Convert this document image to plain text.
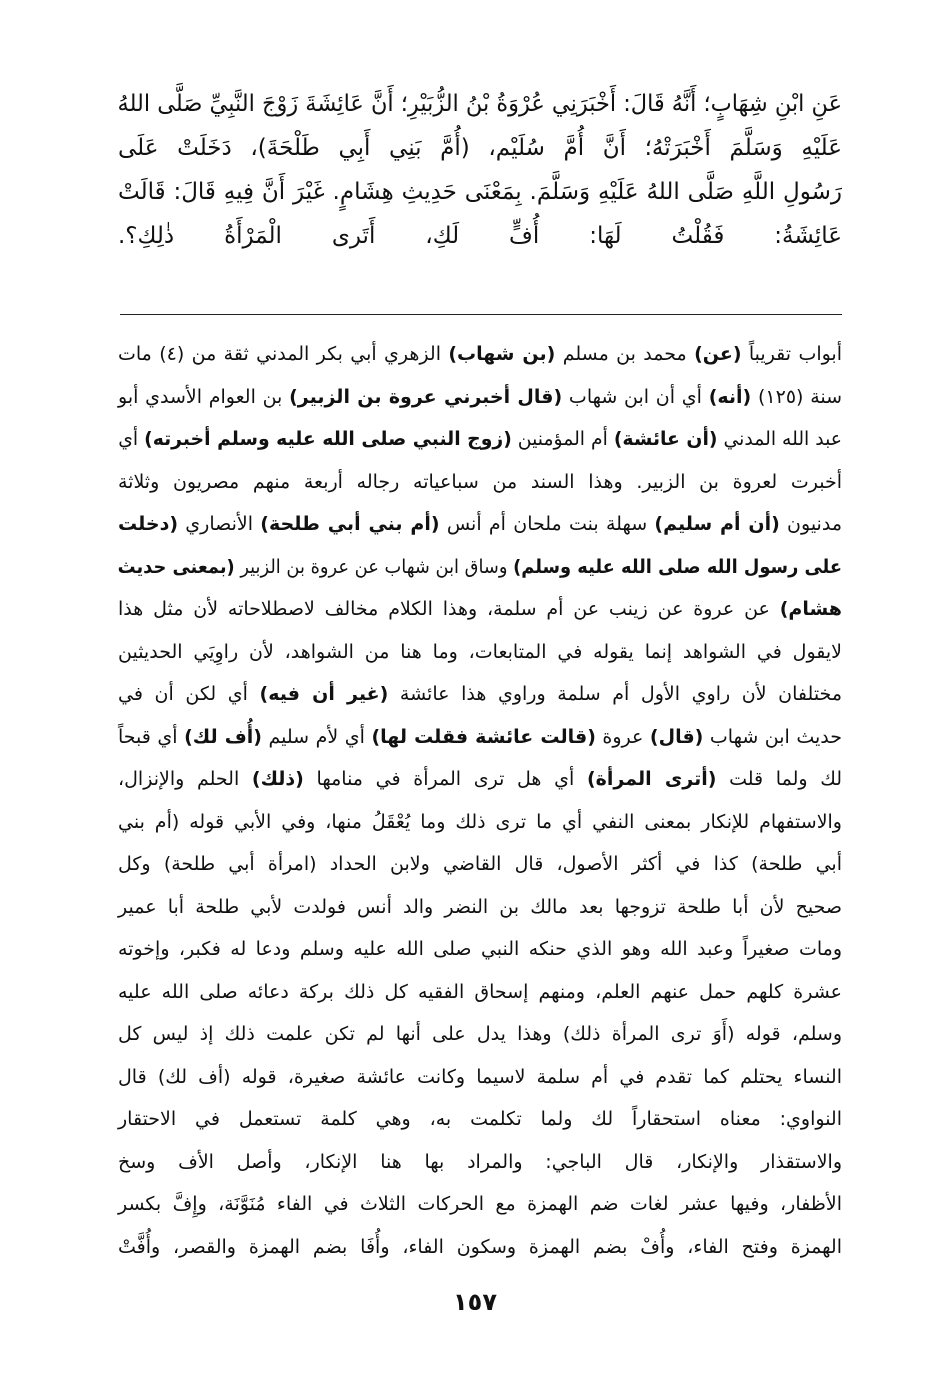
عَنِ ابْنِ شِهَابٍ؛ أَنَّهُ قَالَ: أَخْبَرَنِي عُرْوَةُ بْنُ الزُّبَيْرِ؛ أَنَّ عَائِشَةَ زَوْجَ النَّبِيِّ صَلَّى اللهُ
عَلَيْهِ وَسَلَّمَ أَخْبَرَتْهُ؛ أَنَّ أُمَّ سُلَيْم، (أُمَّ بَنِي أَبِي طَلْحَةَ)، دَخَلَتْ عَلَى
رَسُولِ اللَّهِ صَلَّى اللهُ عَلَيْهِ وَسَلَّمَ. بِمَعْنَى حَدِيثِ هِشَامٍ. غَيْرَ أَنَّ فِيهِ قَالَ: قَالَتْ
عَائِشَةُ: فَقُلْتُ لَهَا: أُفٍّ لَكِ، أَتَرى الْمَرْأَةُ ذٰلِكِ؟.
أبواب تقريباً (عن) محمد بن مسلم (بن شهاب) الزهري أبي بكر المدني ثقة من (٤) مات
سنة (١٢٥) (أنه) أي أن ابن شهاب (قال أخبرني عروة بن الزبير) بن العوام الأسدي أبو
عبد الله المدني (أن عائشة) أم المؤمنين (زوج النبي صلى الله عليه وسلم أخبرته) أي
أخبرت لعروة بن الزبير. وهذا السند من سباعياته رجاله أربعة منهم مصريون وثلاثة
مدنيون (أن أم سليم) سهلة بنت ملحان أم أنس (أم بني أبي طلحة) الأنصاري (دخلت
على رسول الله صلى الله عليه وسلم) وساق ابن شهاب عن عروة بن الزبير (بمعنى حديث
هشام) عن عروة عن زينب عن أم سلمة، وهذا الكلام مخالف لاصطلاحاته لأن مثل هذا
لايقول في الشواهد إنما يقوله في المتابعات، وما هنا من الشواهد، لأن راوِيَي الحديثين
مختلفان لأن راوي الأول أم سلمة وراوي هذا عائشة (غير أن فيه) أي لكن أن في
حديث ابن شهاب (قال) عروة (قالت عائشة فقلت لها) أي لأم سليم (أُف لك) أي قبحاً
لك ولما قلت (أترى المرأة) أي هل ترى المرأة في منامها (ذلك) الحلم والإنزال،
والاستفهام للإنكار بمعنى النفي أي ما ترى ذلك وما يُعْقَلُ منها، وفي الأبي قوله (أم بني
أبي طلحة) كذا في أكثر الأصول، قال القاضي ولابن الحداد (امرأة أبي طلحة) وكل
صحيح لأن أبا طلحة تزوجها بعد مالك بن النضر والد أنس فولدت لأبي طلحة أبا عمير
ومات صغيراً وعبد الله وهو الذي حنكه النبي صلى الله عليه وسلم ودعا له فكبر، وإخوته
عشرة كلهم حمل عنهم العلم، ومنهم إسحاق الفقيه كل ذلك بركة دعائه صلى الله عليه
وسلم، قوله (أَوَ ترى المرأة ذلك) وهذا يدل على أنها لم تكن علمت ذلك إذ ليس كل
النساء يحتلم كما تقدم في أم سلمة لاسيما وكانت عائشة صغيرة، قوله (أف لك) قال
النواوي: معناه استحقاراً لك ولما تكلمت به، وهي كلمة تستعمل في الاحتقار
والاستقذار والإنكار، قال الباجي: والمراد بها هنا الإنكار، وأصل الأف وسخ
الأظفار، وفيها عشر لغات ضم الهمزة مع الحركات الثلاث في الفاء مُنَوَّنَة، وإِفَّ بكسر
الهمزة وفتح الفاء، وأُفْ بضم الهمزة وسكون الفاء، وأُفَا بضم الهمزة والقصر، وأُفَّتْ
١٥٧
